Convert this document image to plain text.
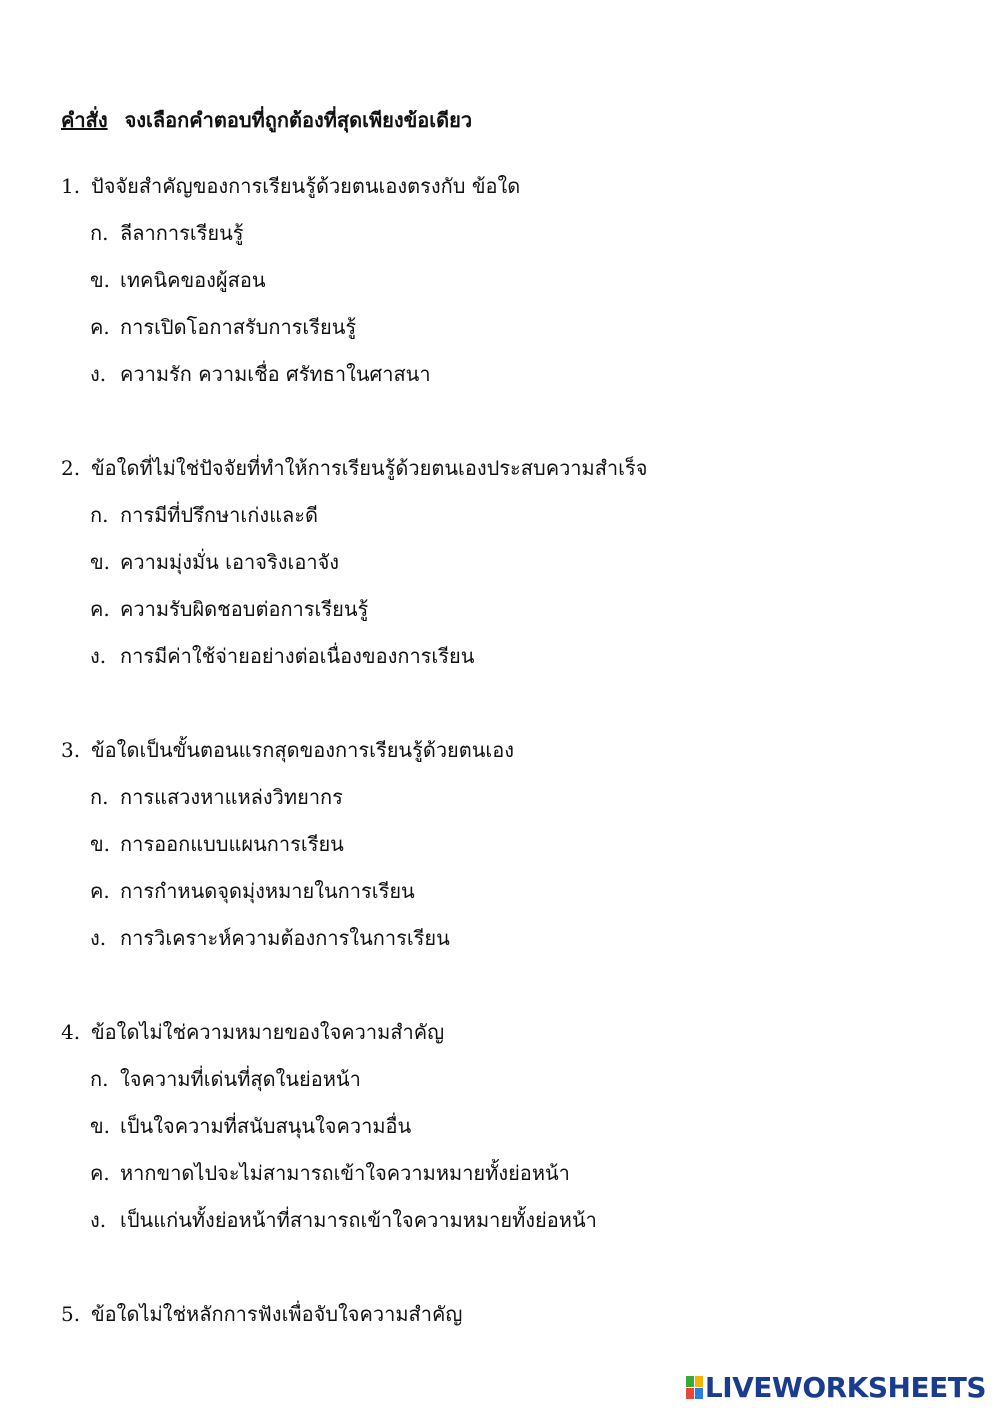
คำสั่ง จงเลือกคำตอบที่ถูกต้องที่สุดเพียงข้อเดียว
1. ปัจจัยสำคัญของการเรียนรู้ด้วยตนเองตรงกับ ข้อใด
ก. ลีลาการเรียนรู้
ข. เทคนิคของผู้สอน
ค. การเปิดโอกาสรับการเรียนรู้
ง. ความรัก ความเชื่อ ศรัทธาในศาสนา
2. ข้อใดที่ไม่ใช่ปัจจัยที่ทำให้การเรียนรู้ด้วยตนเองประสบความสำเร็จ
ก. การมีที่ปรึกษาเก่งและดี
ข. ความมุ่งมั่น เอาจริงเอาจัง
ค. ความรับผิดชอบต่อการเรียนรู้
ง. การมีค่าใช้จ่ายอย่างต่อเนื่องของการเรียน
3. ข้อใดเป็นขั้นตอนแรกสุดของการเรียนรู้ด้วยตนเอง
ก. การแสวงหาแหล่งวิทยากร
ข. การออกแบบแผนการเรียน
ค. การกำหนดจุดมุ่งหมายในการเรียน
ง. การวิเคราะห์ความต้องการในการเรียน
4. ข้อใดไม่ใช่ความหมายของใจความสำคัญ
ก. ใจความที่เด่นที่สุดในย่อหน้า
ข. เป็นใจความที่สนับสนุนใจความอื่น
ค. หากขาดไปจะไม่สามารถเข้าใจความหมายทั้งย่อหน้า
ง. เป็นแก่นทั้งย่อหน้าที่สามารถเข้าใจความหมายทั้งย่อหน้า
5. ข้อใดไม่ใช่หลักการฟังเพื่อจับใจความสำคัญ
LIVEWORKSHEETS
